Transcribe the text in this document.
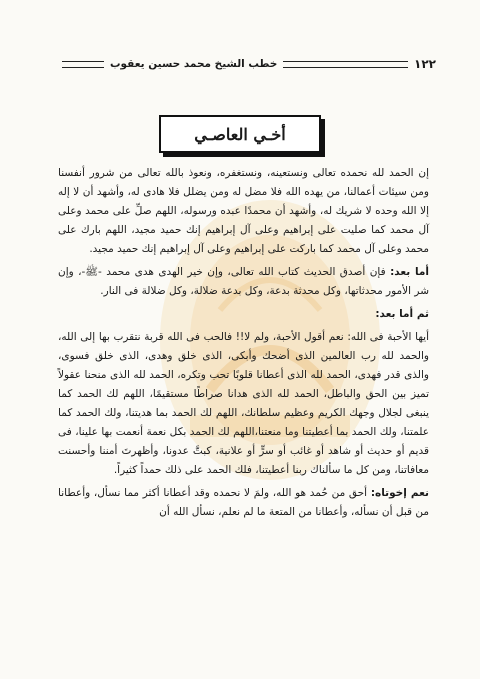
١٢٢
خطب الشيخ محمد حسين يعقوب
أخـي العاصـي

إن الحمد لله نحمده تعالى ونستعينه، ونستغفره، ونعوذ بالله تعالى من شرور أنفسنا ومن سيئات أعمالنا، من يهده الله فلا مضل له ومن يضلل فلا هادى له، وأشهد أن لا إله إلا الله وحده لا شريك له، وأشهد أن محمدًا عبده ورسوله، اللهم صلِّ على محمد وعلى آل محمد كما صليت على إبراهيم وعلى آل إبراهيم إنك حميد مجيد، اللهم بارك على محمد وعلى آل محمد كما باركت على إبراهيم وعلى آل إبراهيم إنك حميد مجيد.

أما بعد: فإن أصدق الحديث كتاب الله تعالى، وإن خير الهدى هدى محمد -ﷺ-، وإن شر الأمور محدثاتها، وكل محدثة بدعة، وكل بدعة ضلالة، وكل ضلالة فى النار.

ثم أما بعد:

أيها الأحبة فى الله: نعم أقول الأحبة، ولم لا!! فالحب فى الله قربة نتقرب بها إلى الله، والحمد لله رب العالمين الذى أضحك وأبكى، الذى خلق وهدى، الذى خلق فسوى، والذى قدر فهدى، الحمد لله الذى أعطانا قلوبًا تحب وتكره، الحمد لله الذى منحنا عقولاً تميز بين الحق والباطل، الحمد لله الذى هدانا صراطًا مستقيمًا، اللهم لك الحمد كما ينبغى لجلال وجهك الكريم وعظيم سلطانك، اللهم لك الحمد بما هديتنا، ولك الحمد كما علمتنا، ولك الحمد بما أعطيتنا وما منعتنا،اللهم لك الحمد بكل نعمة أنعمت بها علينا، فى قديم أو حديث أو شاهد أو غائب أو سرٍّ أو علانية، كبتَّ عدونا، وأظهرتَ أمننا وأحسنت معافاتنا، ومن كل ما سألناك ربنا أعطيتنا، فلك الحمد على ذلك حمداً كثيراً.

نعم إخوتاه: أحق من حُمد هو الله، ولمَ لا نحمده وقد أعطانا أكثر مما نسأل، وأعطانا من قبل أن نسأله، وأعطانا من المتعة ما لم نعلم، نسأل الله أن
